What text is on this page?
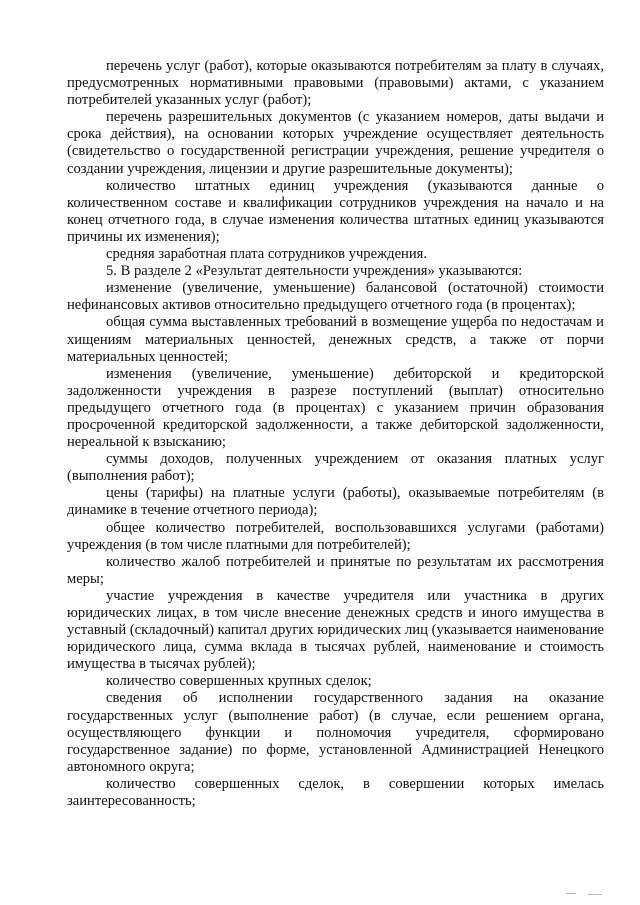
перечень услуг (работ), которые оказываются потребителям за плату в случаях, предусмотренных нормативными правовыми (правовыми) актами, с указанием потребителей указанных услуг (работ);

перечень разрешительных документов (с указанием номеров, даты выдачи и срока действия), на основании которых учреждение осуществляет деятельность (свидетельство о государственной регистрации учреждения, решение учредителя о создании учреждения, лицензии и другие разрешительные документы);

количество штатных единиц учреждения (указываются данные о количественном составе и квалификации сотрудников учреждения на начало и на конец отчетного года, в случае изменения количества штатных единиц указываются причины их изменения);

средняя заработная плата сотрудников учреждения.

5. В разделе 2 «Результат деятельности учреждения» указываются:

изменение (увеличение, уменьшение) балансовой (остаточной) стоимости нефинансовых активов относительно предыдущего отчетного года (в процентах);

общая сумма выставленных требований в возмещение ущерба по недостачам и хищениям материальных ценностей, денежных средств, а также от порчи материальных ценностей;

изменения (увеличение, уменьшение) дебиторской и кредиторской задолженности учреждения в разрезе поступлений (выплат) относительно предыдущего отчетного года (в процентах) с указанием причин образования просроченной кредиторской задолженности, а также дебиторской задолженности, нереальной к взысканию;

суммы доходов, полученных учреждением от оказания платных услуг (выполнения работ);

цены (тарифы) на платные услуги (работы), оказываемые потребителям (в динамике в течение отчетного периода);

общее количество потребителей, воспользовавшихся услугами (работами) учреждения (в том числе платными для потребителей);

количество жалоб потребителей и принятые по результатам их рассмотрения меры;

участие учреждения в качестве учредителя или участника в других юридических лицах, в том числе внесение денежных средств и иного имущества в уставный (складочный) капитал других юридических лиц (указывается наименование юридического лица, сумма вклада в тысячах рублей, наименование и стоимость имущества в тысячах рублей);

количество совершенных крупных сделок;

сведения об исполнении государственного задания на оказание государственных услуг (выполнение работ) (в случае, если решением органа, осуществляющего функции и полномочия учредителя, сформировано государственное задание) по форме, установленной Администрацией Ненецкого автономного округа;

количество совершенных сделок, в совершении которых имелась заинтересованность;
